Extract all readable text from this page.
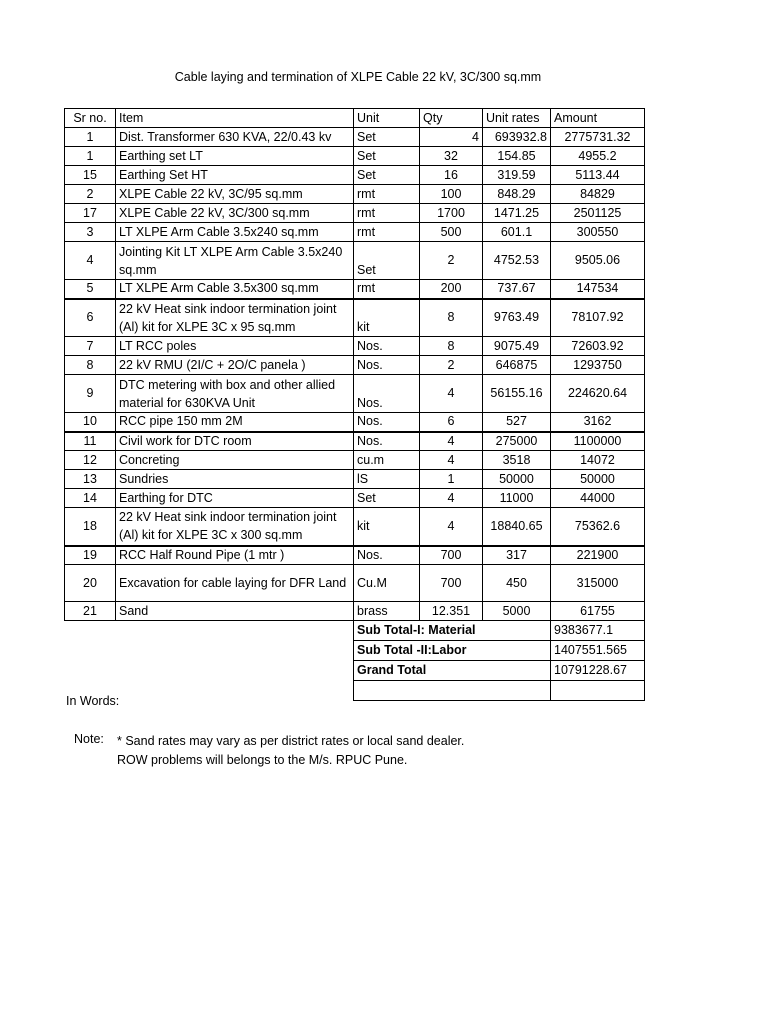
Cable laying and termination of XLPE Cable 22 kV, 3C/300 sq.mm
Sr no.	Item	Unit	Qty	Unit rates	Amount
1	Dist. Transformer 630 KVA, 22/0.43 kv	Set	4	693932.8	2775731.32
1	Earthing set LT	Set	32	154.85	4955.2
15	Earthing Set HT	Set	16	319.59	5113.44
2	XLPE Cable 22 kV, 3C/95 sq.mm	rmt	100	848.29	84829
17	XLPE Cable 22 kV, 3C/300 sq.mm	rmt	1700	1471.25	2501125
3	LT XLPE Arm Cable 3.5x240 sq.mm	rmt	500	601.1	300550
4	Jointing Kit LT XLPE Arm Cable 3.5x240 sq.mm	Set	2	4752.53	9505.06
5	LT XLPE Arm Cable 3.5x300 sq.mm	rmt	200	737.67	147534
6	22 kV Heat sink indoor termination joint (Al) kit for XLPE 3C x 95 sq.mm	kit	8	9763.49	78107.92
7	LT RCC poles	Nos.	8	9075.49	72603.92
8	22 kV RMU (2I/C + 2O/C panela )	Nos.	2	646875	1293750
9	DTC metering with box and other allied material for 630KVA Unit	Nos.	4	56155.16	224620.64
10	RCC pipe 150 mm 2M	Nos.	6	527	3162
11	Civil work for DTC room	Nos.	4	275000	1100000
12	Concreting	cu.m	4	3518	14072
13	Sundries	lS	1	50000	50000
14	Earthing for DTC	Set	4	11000	44000
18	22 kV Heat sink indoor termination joint (Al) kit for XLPE 3C x 300 sq.mm	kit	4	18840.65	75362.6
19	RCC Half Round Pipe (1 mtr )	Nos.	700	317	221900
20	Excavation for cable laying for DFR Land	Cu.M	700	450	315000
21	Sand	brass	12.351	5000	61755
		Sub Total-I: Material			9383677.1
		Sub Total -II:Labor			1407551.565
		Grand Total			10791228.67

In Words:
Note: * Sand rates may vary as per district rates or local sand dealer.
ROW problems will belongs to the M/s. RPUC Pune.
